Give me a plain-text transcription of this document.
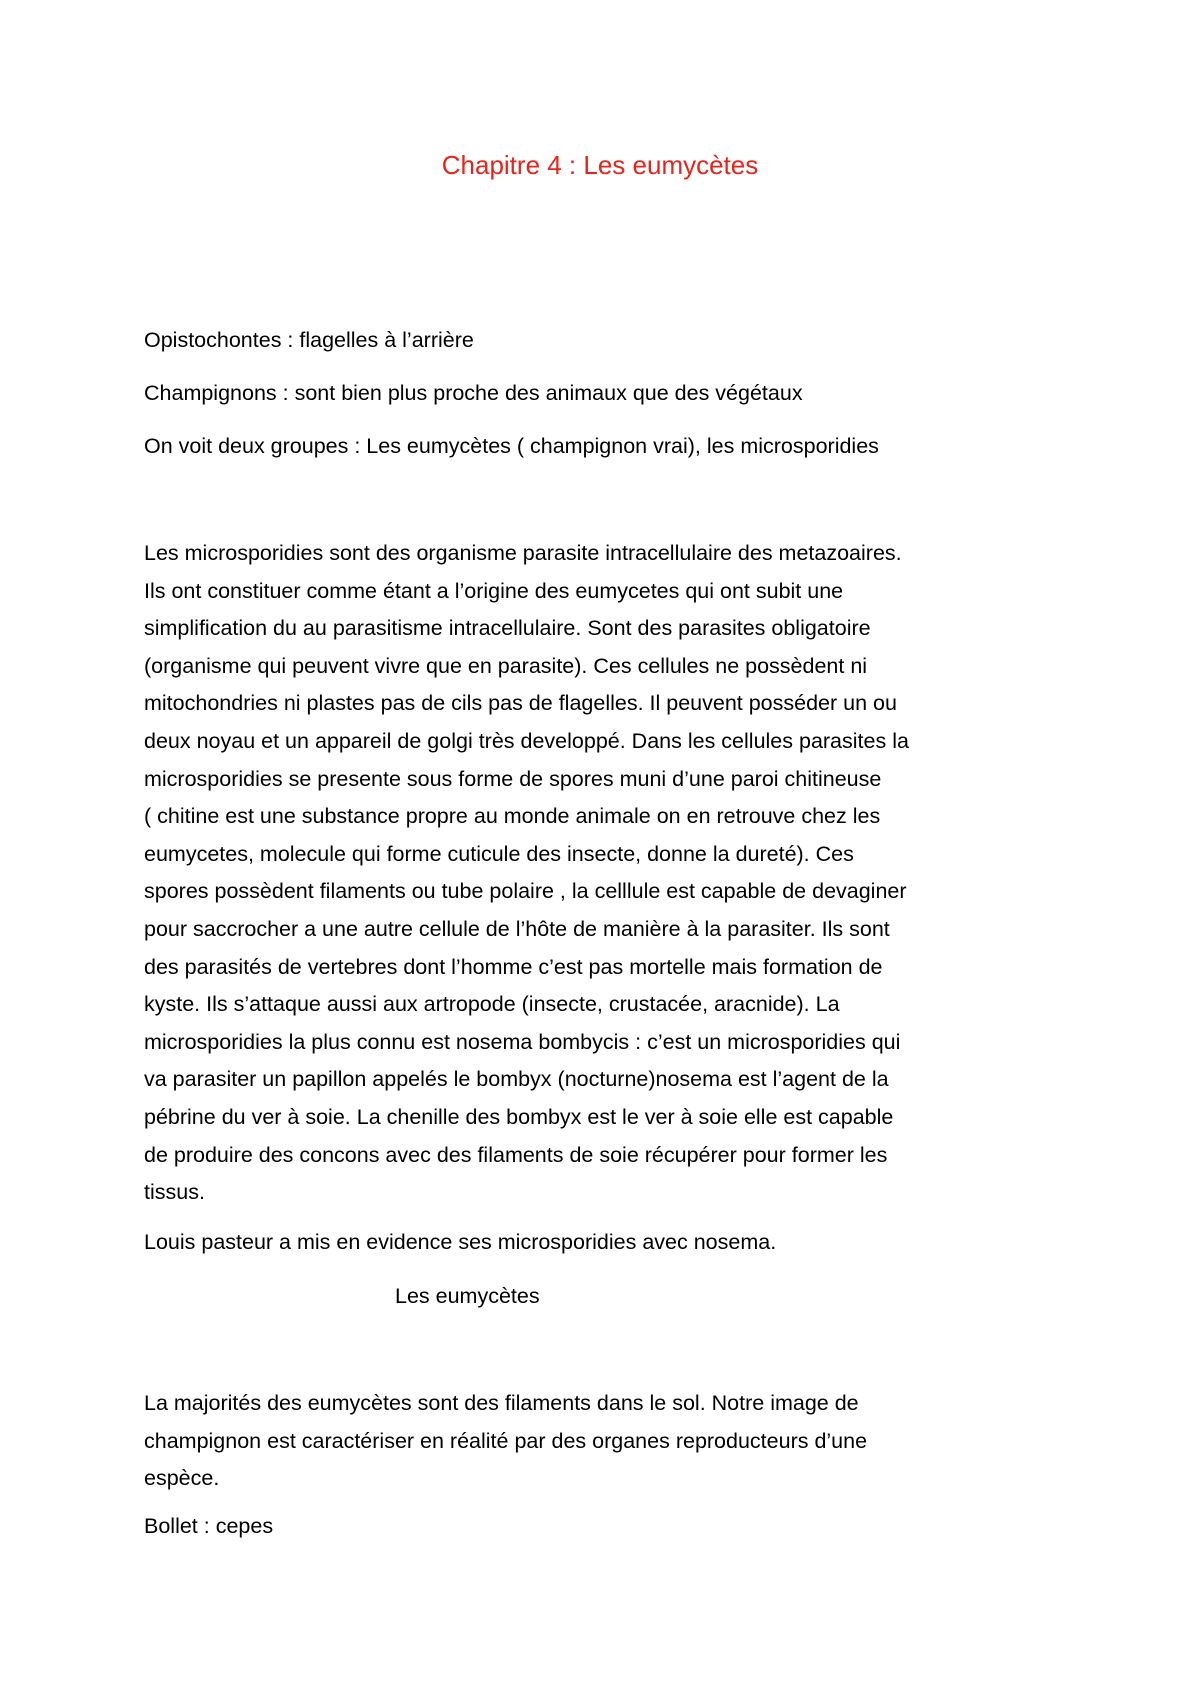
Chapitre 4 : Les eumycètes
Opistochontes : flagelles à l’arrière
Champignons : sont bien plus proche des animaux que des végétaux
On voit deux groupes : Les eumycètes ( champignon vrai), les microsporidies
Les microsporidies sont des organisme parasite intracellulaire des metazoaires.
Ils ont constituer comme étant a l’origine des eumycetes qui ont subit une
simplification du au parasitisme intracellulaire. Sont des parasites obligatoire
(organisme qui peuvent vivre que en parasite). Ces cellules ne possèdent ni
mitochondries ni plastes pas de cils pas de flagelles. Il peuvent posséder un ou
deux noyau et un appareil de golgi très developpé. Dans les cellules parasites la
microsporidies se presente sous forme de spores muni d’une paroi chitineuse
( chitine est une substance propre au monde animale on en retrouve chez les
eumycetes, molecule qui forme cuticule des insecte, donne la dureté). Ces
spores possèdent filaments ou tube polaire , la celllule est capable de devaginer
pour saccrocher a une autre cellule de l’hôte de manière à la parasiter. Ils sont
des parasités de vertebres dont l’homme c’est pas mortelle mais formation de
kyste. Ils s’attaque aussi aux artropode (insecte, crustacée, aracnide). La
microsporidies la plus connu est nosema bombycis : c’est un microsporidies qui
va parasiter un papillon appelés le bombyx (nocturne)nosema est l’agent de la
pébrine du ver à soie. La chenille des bombyx est le ver à soie elle est capable
de produire des concons avec des filaments de soie récupérer pour former les
tissus.
Louis pasteur a mis en evidence ses microsporidies avec nosema.
Les eumycètes
La majorités des eumycètes sont des filaments dans le sol. Notre image de
champignon est caractériser en réalité par des organes reproducteurs d’une
espèce.
Bollet : cepes
